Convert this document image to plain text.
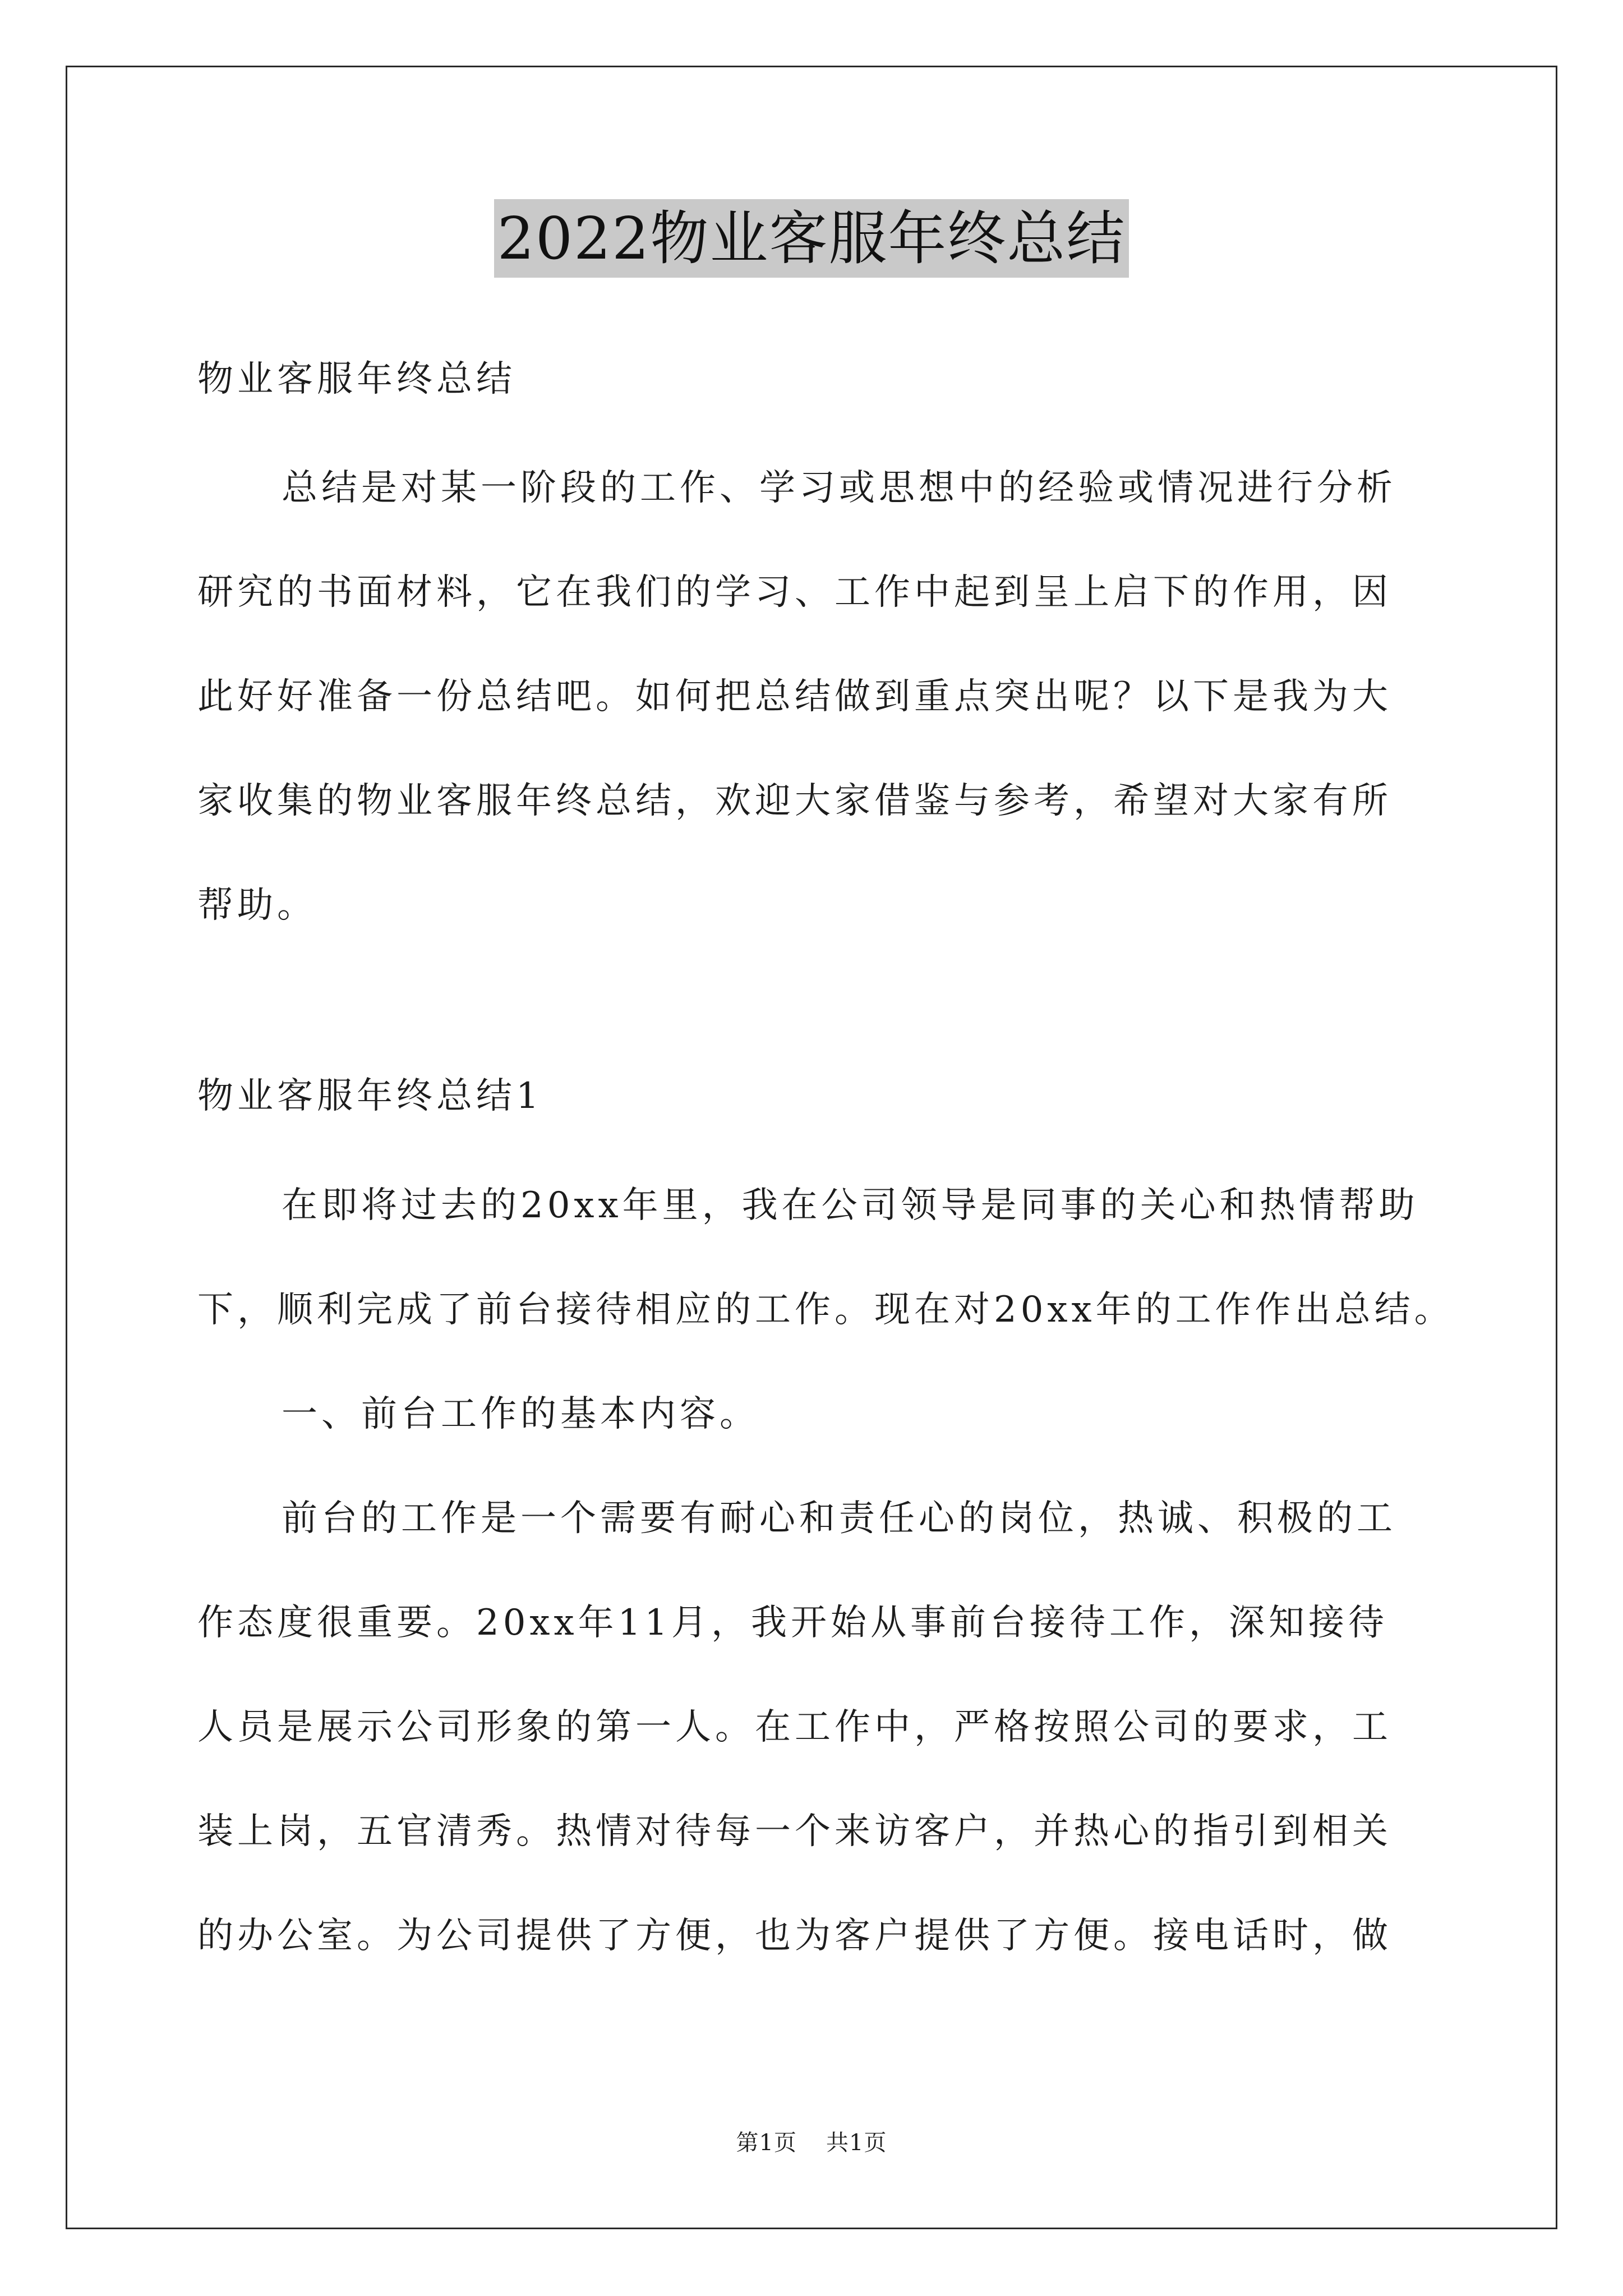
2022物业客服年终总结
物业客服年终总结
总结是对某一阶段的工作、学习或思想中的经验或情况进行分析
研究的书面材料，它在我们的学习、工作中起到呈上启下的作用，因
此好好准备一份总结吧。如何把总结做到重点突出呢？以下是我为大
家收集的物业客服年终总结，欢迎大家借鉴与参考，希望对大家有所
帮助。
物业客服年终总结1
在即将过去的20xx年里，我在公司领导是同事的关心和热情帮助
下，顺利完成了前台接待相应的工作。现在对20xx年的工作作出总结。
一、前台工作的基本内容。
前台的工作是一个需要有耐心和责任心的岗位，热诚、积极的工
作态度很重要。20xx年11月，我开始从事前台接待工作，深知接待
人员是展示公司形象的第一人。在工作中，严格按照公司的要求，工
装上岗，五官清秀。热情对待每一个来访客户，并热心的指引到相关
的办公室。为公司提供了方便，也为客户提供了方便。接电话时，做
第1页 共1页
